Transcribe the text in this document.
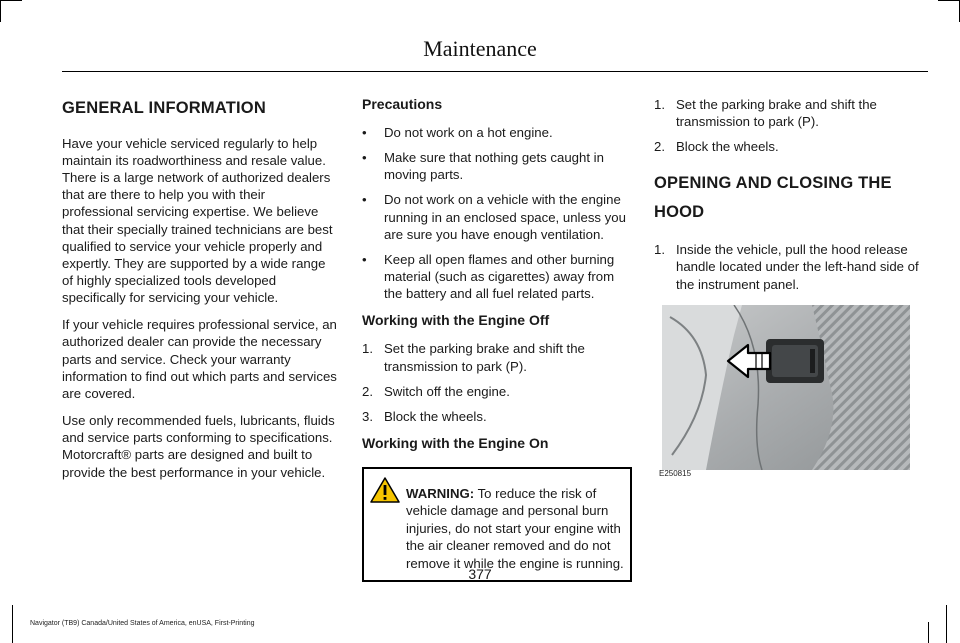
Maintenance
GENERAL INFORMATION

Have your vehicle serviced regularly to help maintain its roadworthiness and resale value. There is a large network of authorized dealers that are there to help you with their professional servicing expertise. We believe that their specially trained technicians are best qualified to service your vehicle properly and expertly. They are supported by a wide range of highly specialized tools developed specifically for servicing your vehicle.

If your vehicle requires professional service, an authorized dealer can provide the necessary parts and service. Check your warranty information to find out which parts and services are covered.

Use only recommended fuels, lubricants, fluids and service parts conforming to specifications. Motorcraft® parts are designed and built to provide the best performance in your vehicle.

Precautions
• Do not work on a hot engine.
• Make sure that nothing gets caught in moving parts.
• Do not work on a vehicle with the engine running in an enclosed space, unless you are sure you have enough ventilation.
• Keep all open flames and other burning material (such as cigarettes) away from the battery and all fuel related parts.
Working with the Engine Off
1. Set the parking brake and shift the transmission to park (P).
2. Switch off the engine.
3. Block the wheels.
Working with the Engine On
WARNING: To reduce the risk of vehicle damage and personal burn injuries, do not start your engine with the air cleaner removed and do not remove it while the engine is running.
1. Set the parking brake and shift the transmission to park (P).
2. Block the wheels.
OPENING AND CLOSING THE
HOOD
1. Inside the vehicle, pull the hood release handle located under the left-hand side of the instrument panel.
E250815
377
Navigator (TB9) Canada/United States of America, enUSA, First-Printing
